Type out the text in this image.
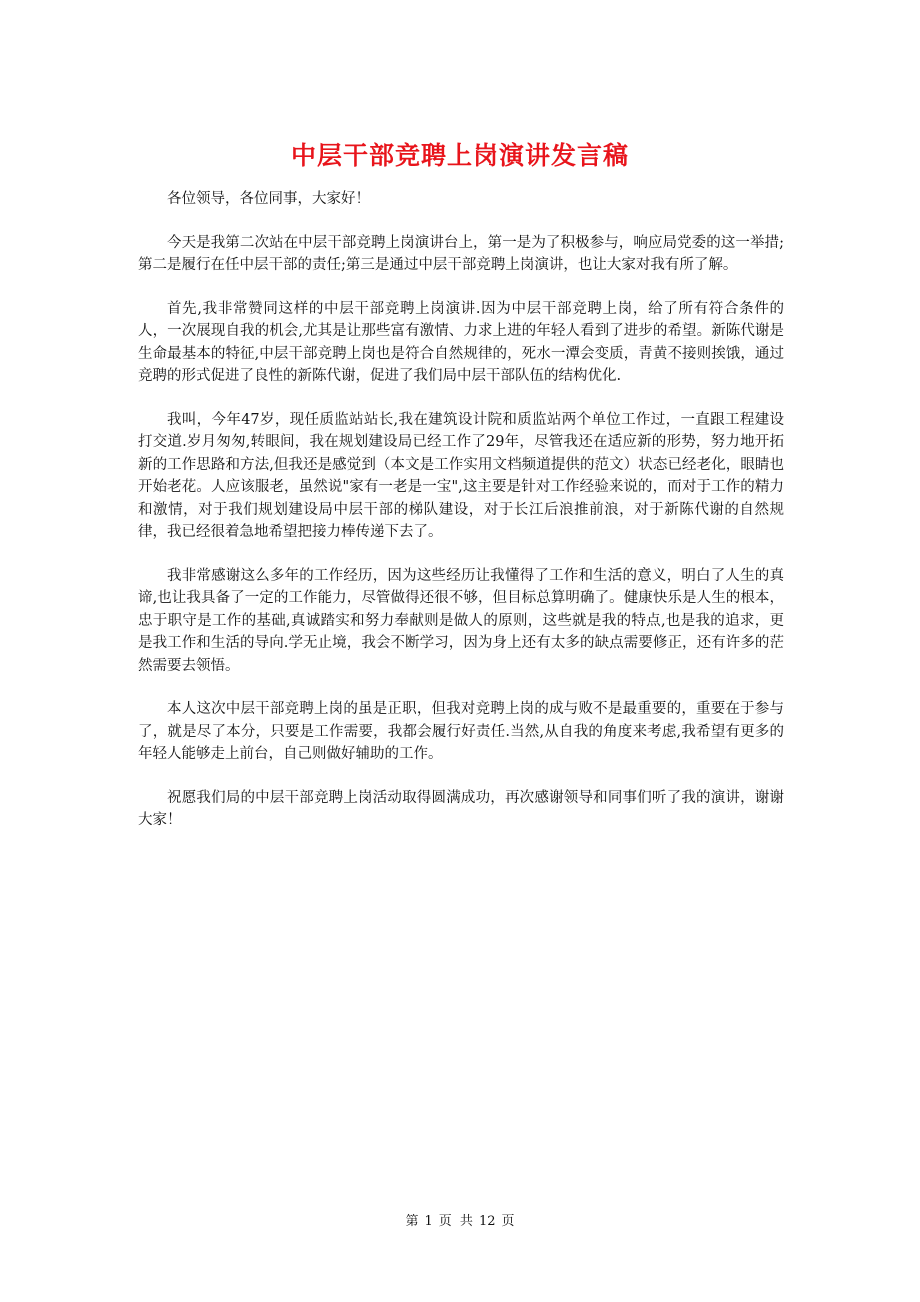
中层干部竞聘上岗演讲发言稿

各位领导，各位同事，大家好！

今天是我第二次站在中层干部竞聘上岗演讲台上，第一是为了积极参与，响应局党委的这一举措;第二是履行在任中层干部的责任;第三是通过中层干部竞聘上岗演讲，也让大家对我有所了解。

首先,我非常赞同这样的中层干部竞聘上岗演讲.因为中层干部竞聘上岗，给了所有符合条件的人，一次展现自我的机会,尤其是让那些富有激情、力求上进的年轻人看到了进步的希望。新陈代谢是生命最基本的特征,中层干部竞聘上岗也是符合自然规律的，死水一潭会变质，青黄不接则挨饿，通过竞聘的形式促进了良性的新陈代谢，促进了我们局中层干部队伍的结构优化.

我叫，今年47岁，现任质监站站长,我在建筑设计院和质监站两个单位工作过，一直跟工程建设打交道.岁月匆匆,转眼间，我在规划建设局已经工作了29年，尽管我还在适应新的形势，努力地开拓新的工作思路和方法,但我还是感觉到（本文是工作实用文档频道提供的范文）状态已经老化，眼睛也开始老花。人应该服老，虽然说"家有一老是一宝",这主要是针对工作经验来说的，而对于工作的精力和激情，对于我们规划建设局中层干部的梯队建设，对于长江后浪推前浪，对于新陈代谢的自然规律，我已经很着急地希望把接力棒传递下去了。

我非常感谢这么多年的工作经历，因为这些经历让我懂得了工作和生活的意义，明白了人生的真谛,也让我具备了一定的工作能力，尽管做得还很不够，但目标总算明确了。健康快乐是人生的根本，忠于职守是工作的基础,真诚踏实和努力奉献则是做人的原则，这些就是我的特点,也是我的追求，更是我工作和生活的导向.学无止境，我会不断学习，因为身上还有太多的缺点需要修正，还有许多的茫然需要去领悟。

本人这次中层干部竞聘上岗的虽是正职，但我对竞聘上岗的成与败不是最重要的，重要在于参与了，就是尽了本分，只要是工作需要，我都会履行好责任.当然,从自我的角度来考虑,我希望有更多的年轻人能够走上前台，自己则做好辅助的工作。

祝愿我们局的中层干部竞聘上岗活动取得圆满成功，再次感谢领导和同事们听了我的演讲，谢谢大家！

第 1 页 共 12 页
